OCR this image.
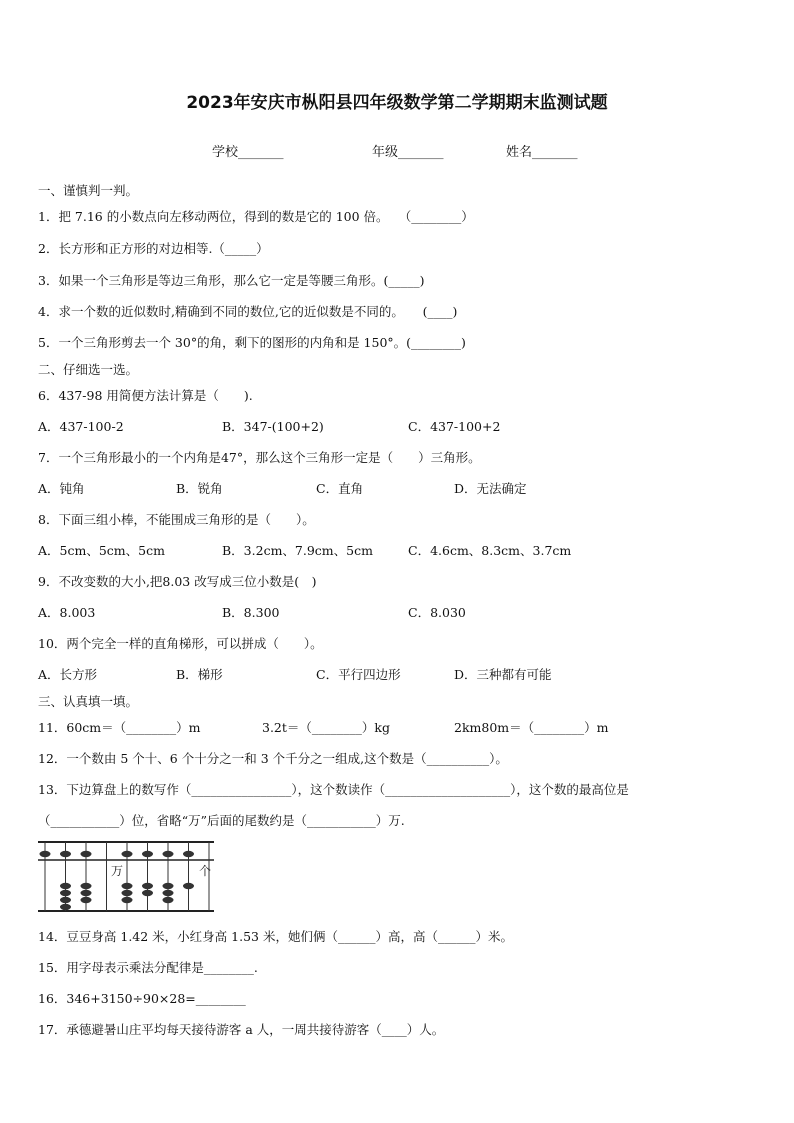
2023年安庆市枞阳县四年级数学第二学期期末监测试题
学校_______	年级_______	姓名_______
一、谨慎判一判。
1．把 7.16 的小数点向左移动两位，得到的数是它的 100 倍。　 （________）
2．长方形和正方形的对边相等.（_____）
3．如果一个三角形是等边三角形，那么它一定是等腰三角形。(_____)
4．求一个数的近似数时,精确到不同的数位,它的近似数是不同的。　　(____)
5．一个三角形剪去一个 30°的角，剩下的图形的内角和是 150°。(________)
二、仔细选一选。
6．437-98 用简便方法计算是（　　).
A．437-100-2	B．347-(100+2)	C．437-100+2
7．一个三角形最小的一个内角是47°，那么这个三角形一定是（　　）三角形。
A．钝角	B．锐角	C．直角	D．无法确定
8．下面三组小棒，不能围成三角形的是（　　）。
A．5cm、5cm、5cm	B．3.2cm、7.9cm、5cm	C．4.6cm、8.3cm、3.7cm
9．不改变数的大小,把8.03 改写成三位小数是(　)
A．8.003	B．8.300	C．8.030
10．两个完全一样的直角梯形，可以拼成（　　）。
A．长方形	B．梯形	C．平行四边形	D．三种都有可能
三、认真填一填。
11．60cm＝（________）m	3.2t＝（________）kg	2km80m＝（________）m
12．一个数由 5 个十、6 个十分之一和 3 个千分之一组成,这个数是（__________）。
13．下边算盘上的数写作（________________），这个数读作（____________________），这个数的最高位是
（___________）位，省略“万”后面的尾数约是（___________）万.
万	个
14．豆豆身高 1.42 米，小红身高 1.53 米，她们俩（______）高，高（______）米。
15．用字母表示乘法分配律是________.
16．346+3150÷90×28=________
17．承德避暑山庄平均每天接待游客 a 人，一周共接待游客（____）人。
